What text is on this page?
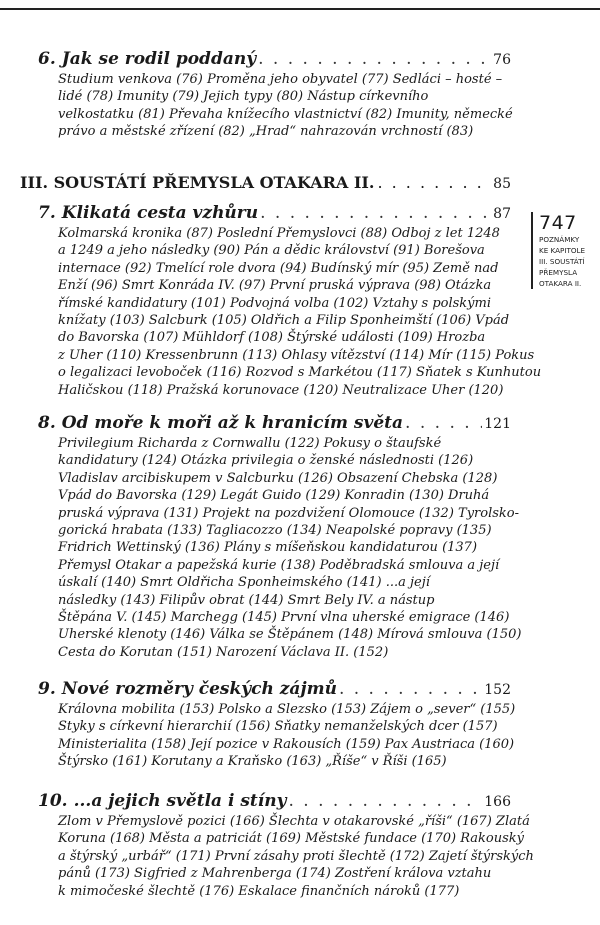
6. Jak se rodil poddaný . . .	76
Studium venkova (76) Proměna jeho obyvatel (77) Sedláci – hosté –
lidé (78) Imunity (79) Jejich typy (80) Nástup církevního
velkostatku (81) Převaha knížecího vlastnictví (82) Imunity, německé
právo a městské zřízení (82) „Hrad“ nahrazován vrchností (83)
III. SOUSTÁTÍ PŘEMYSLA OTAKARA II. . . .	85
7. Klikatá cesta vzhůru . . .	87
Kolmarská kronika (87) Poslední Přemyslovci (88) Odboj z let 1248
a 1249 a jeho následky (90) Pán a dědic království (91) Borešova
internace (92) Tmelící role dvora (94) Budínský mír (95) Země nad
Enží (96) Smrt Konráda IV. (97) První pruská výprava (98) Otázka
římské kandidatury (101) Podvojná volba (102) Vztahy s polskými
knížaty (103) Salcburk (105) Oldřich a Filip Sponheimští (106) Vpád
do Bavorska (107) Mühldorf (108) Štýrské události (109) Hrozba
z Uher (110) Kressenbrunn (113) Ohlasy vítězství (114) Mír (115) Pokus
o legalizaci levoboček (116) Rozvod s Markétou (117) Sňatek s Kunhutou
Haličskou (118) Pražská korunovace (120) Neutralizace Uher (120)
8. Od moře k moři až k hranicím světa . . .	121
Privilegium Richarda z Cornwallu (122) Pokusy o štaufské
kandidatury (124) Otázka privilegia o ženské následnosti (126)
Vladislav arcibiskupem v Salcburku (126) Obsazení Chebska (128)
Vpád do Bavorska (129) Legát Guido (129) Konradin (130) Druhá
pruská výprava (131) Projekt na pozdvižení Olomouce (132) Tyrolsko-
gorická hrabata (133) Tagliacozzo (134) Neapolské popravy (135)
Fridrich Wettinský (136) Plány s míšeňskou kandidaturou (137)
Přemysl Otakar a papežská kurie (138) Poděbradská smlouva a její
úskalí (140) Smrt Oldřicha Sponheimského (141) ...a její
následky (143) Filipův obrat (144) Smrt Bely IV. a nástup
Štěpána V. (145) Marchegg (145) První vlna uherské emigrace (146)
Uherské klenoty (146) Válka se Štěpánem (148) Mírová smlouva (150)
Cesta do Korutan (151) Narození Václava II. (152)
9. Nové rozměry českých zájmů . . .	152
Královna mobilita (153) Polsko a Slezsko (153) Zájem o „sever“ (155)
Styky s církevní hierarchií (156) Sňatky nemanželských dcer (157)
Ministerialita (158) Její pozice v Rakousích (159) Pax Austriaca (160)
Štýrsko (161) Korutany a Kraňsko (163) „Říše“ v Říši (165)
10. ...a jejich světla i stíny . . .	166
Zlom v Přemyslově pozici (166) Šlechta v otakarovské „říši“ (167) Zlatá
Koruna (168) Města a patriciát (169) Městské fundace (170) Rakouský
a štýrský „urbář“ (171) První zásahy proti šlechtě (172) Zajetí štýrských
pánů (173) Sigfried z Mahrenberga (174) Zostření králova vztahu
k mimočeské šlechtě (176) Eskalace finančních nároků (177)
747
POZNÁMKY
KE KAPITOLE
III. SOUSTÁTÍ
PŘEMYSLA
OTAKARA II.
